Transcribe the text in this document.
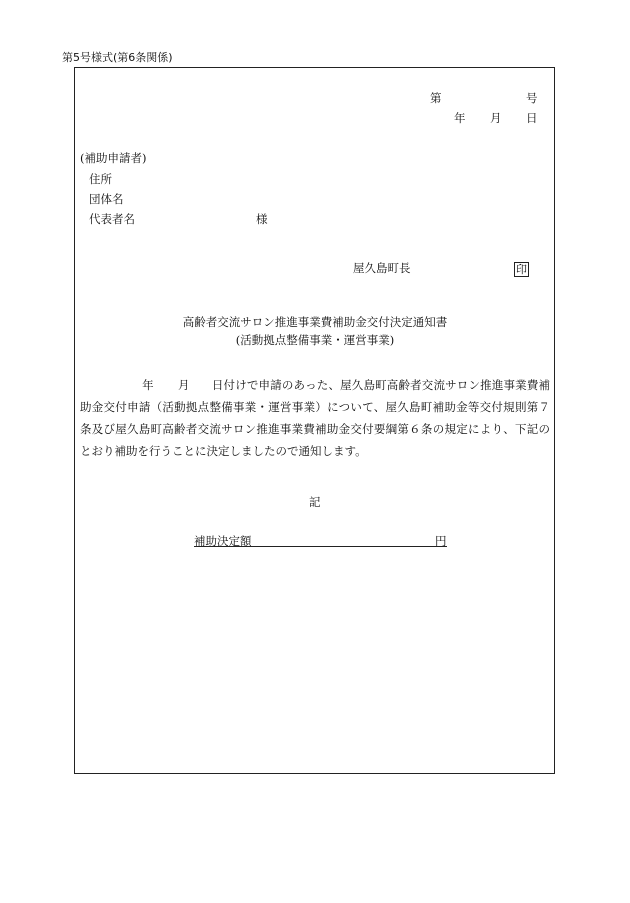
第5号様式(第6条関係)
第	号
年 月 日
(補助申請者)
住所
団体名
代表者名	様
屋久島町長	印
高齢者交流サロン推進事業費補助金交付決定通知書
(活動拠点整備事業・運営事業)
年 月 日付けで申請のあった、屋久島町高齢者交流サロン推進事業費補助金交付申請（活動拠点整備事業・運営事業）について、屋久島町補助金等交付規則第７条及び屋久島町高齢者交流サロン推進事業費補助金交付要綱第６条の規定により、下記のとおり補助を行うことに決定しましたので通知します。
記
補助決定額	円
